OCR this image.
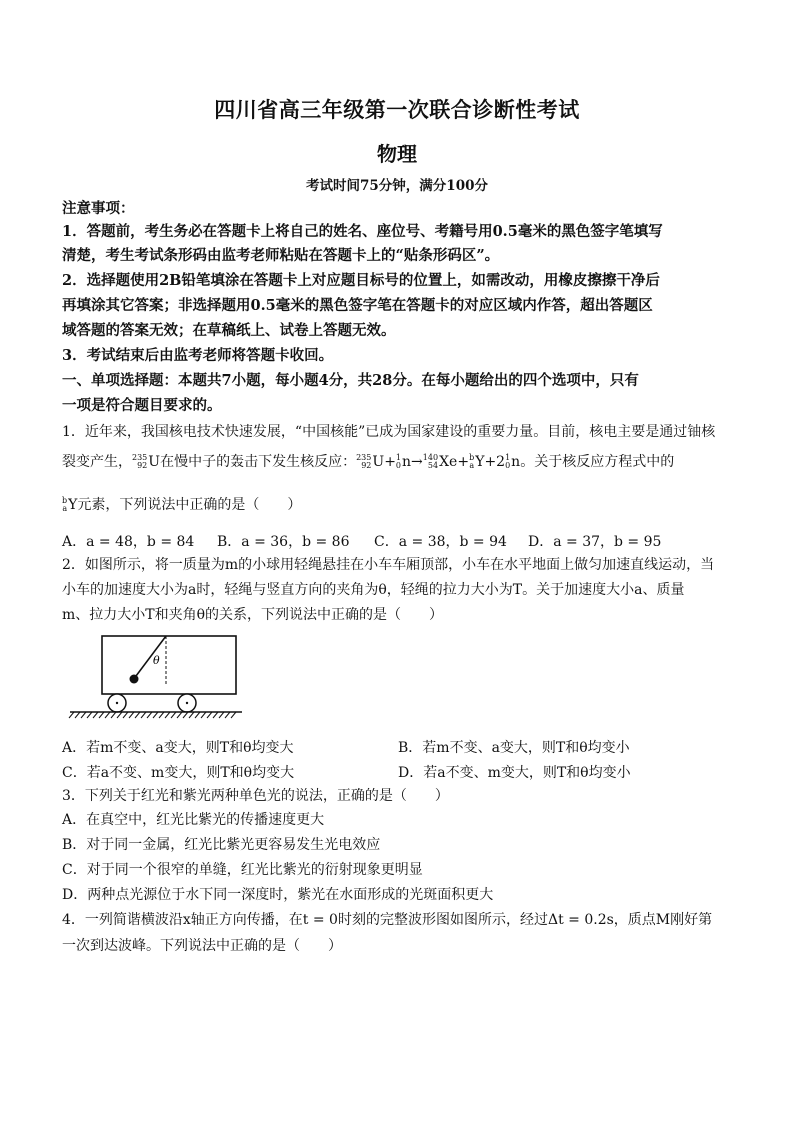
四川省高三年级第一次联合诊断性考试
物理
考试时间75分钟，满分100分
注意事项：
1．答题前，考生务必在答题卡上将自己的姓名、座位号、考籍号用0.5毫米的黑色签字笔填写
清楚，考生考试条形码由监考老师粘贴在答题卡上的“贴条形码区”。
2．选择题使用2B铅笔填涂在答题卡上对应题目标号的位置上，如需改动，用橡皮擦擦干净后
再填涂其它答案；非选择题用0.5毫米的黑色签字笔在答题卡的对应区域内作答，超出答题区
域答题的答案无效；在草稿纸上、试卷上答题无效。
3．考试结束后由监考老师将答题卡收回。
一、单项选择题：本题共7小题，每小题4分，共28分。在每小题给出的四个选项中，只有
一项是符合题目要求的。
1．近年来，我国核电技术快速发展，“中国核能”已成为国家建设的重要力量。目前，核电主要是通过铀核
裂变产生， 235
92 U在慢中子的轰击下发生核反应： 235
92 U+ 1
0 n→ 140
54 Xe+ b
a Y+2 1
0 n。关于核反应方程式中的
b
a Y元素，下列说法中正确的是（　　）
A．a = 48，b = 84 B．a = 36，b = 86 C．a = 38，b = 94 D．a = 37，b = 95
2．如图所示，将一质量为m的小球用轻绳悬挂在小车车厢顶部，小车在水平地面上做匀加速直线运动，当
小车的加速度大小为a时，轻绳与竖直方向的夹角为θ，轻绳的拉力大小为T。关于加速度大小a、质量
m、拉力大小T和夹角θ的关系，下列说法中正确的是（　　）
θ
A．若m不变、a变大，则T和θ均变大	B．若m不变、a变大，则T和θ均变小
C．若a不变、m变大，则T和θ均变大	D．若a不变、m变大，则T和θ均变小
3．下列关于红光和紫光两种单色光的说法，正确的是（　　）
A．在真空中，红光比紫光的传播速度更大
B．对于同一金属，红光比紫光更容易发生光电效应
C．对于同一个很窄的单缝，红光比紫光的衍射现象更明显
D．两种点光源位于水下同一深度时，紫光在水面形成的光斑面积更大
4．一列简谐横波沿x轴正方向传播，在t = 0时刻的完整波形图如图所示，经过Δt = 0.2s，质点M刚好第
一次到达波峰。下列说法中正确的是（　　）
